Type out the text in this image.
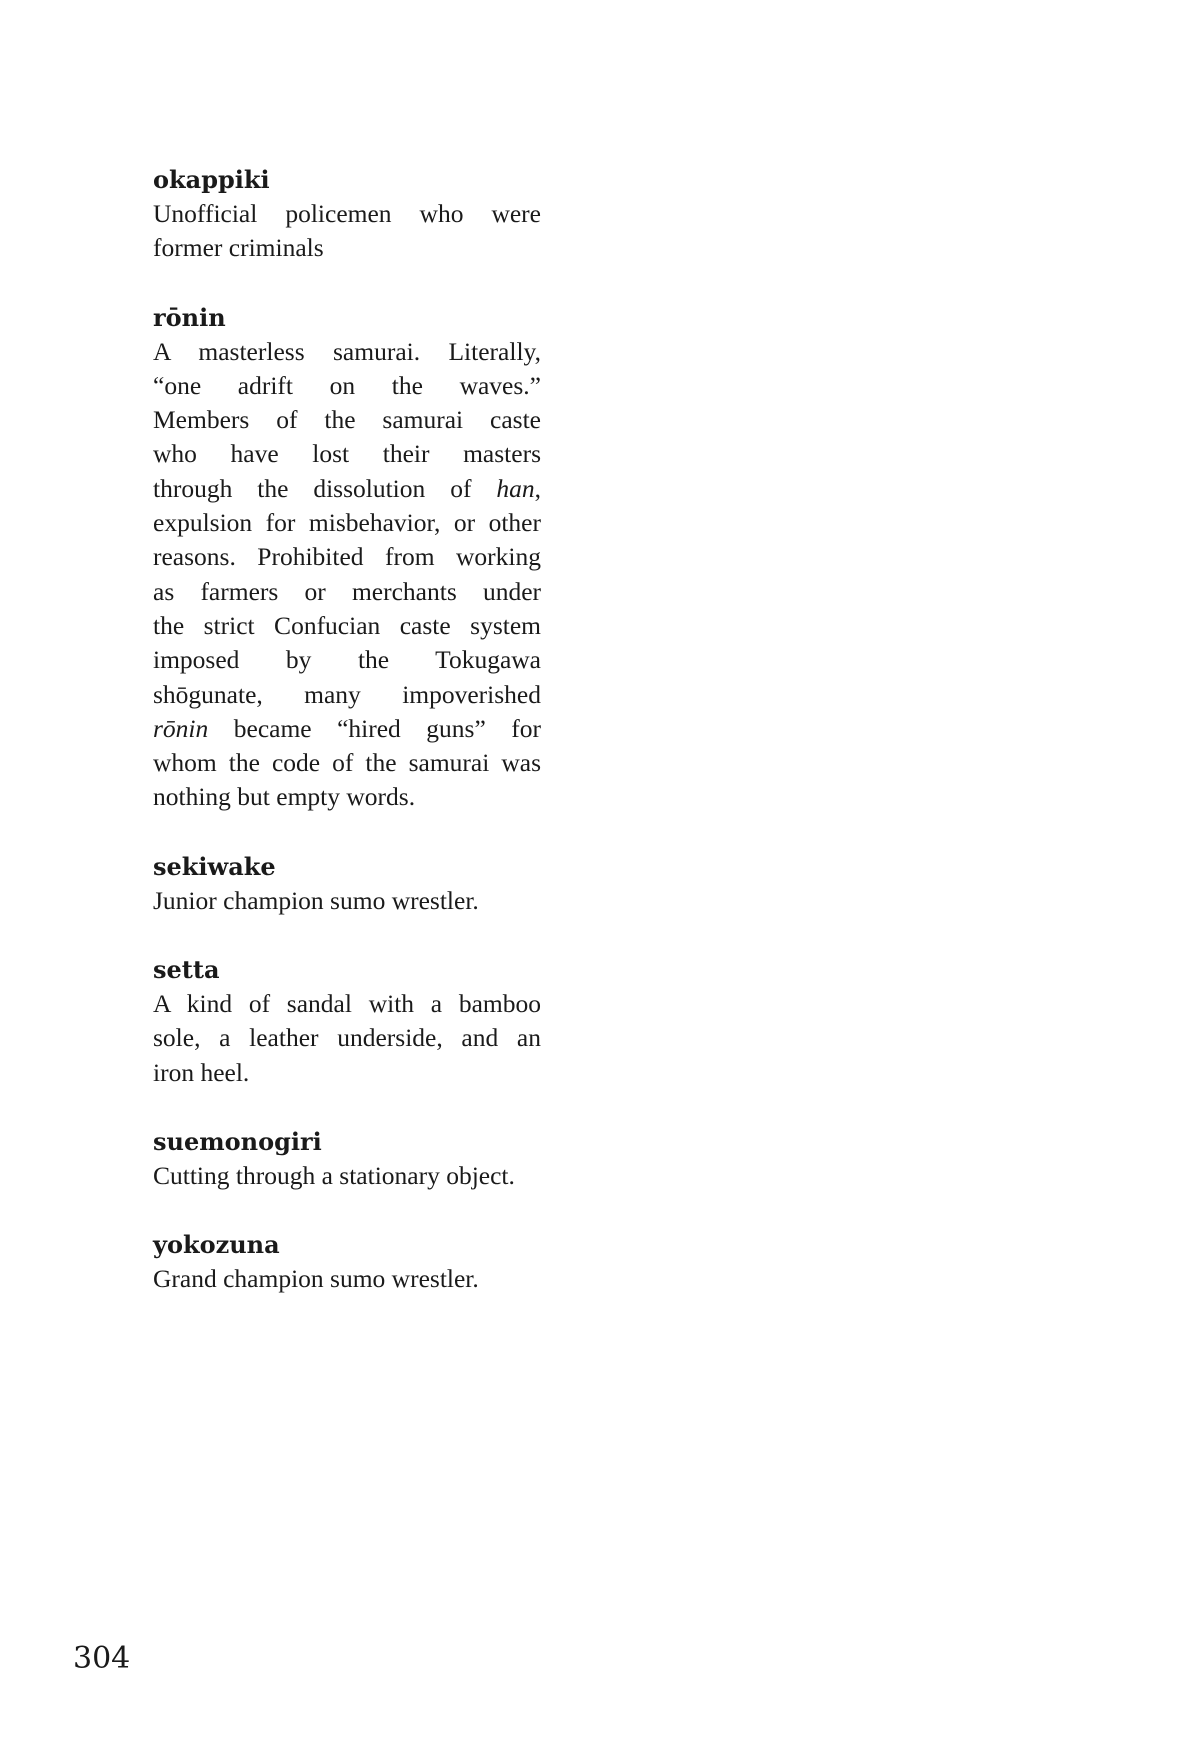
okappiki

Unofficial policemen who were
former criminals

rōnin

A masterless samurai. Literally,
“one adrift on the waves.”
Members of the samurai caste
who have lost their masters
through the dissolution of han,
expulsion for misbehavior, or other
reasons. Prohibited from working
as farmers or merchants under
the strict Confucian caste system
imposed by the Tokugawa
shōgunate, many impoverished
rōnin became “hired guns” for
whom the code of the samurai was
nothing but empty words.

sekiwake

Junior champion sumo wrestler.

setta

A kind of sandal with a bamboo
sole, a leather underside, and an
iron heel.

suemonogiri

Cutting through a stationary object.

yokozuna

Grand champion sumo wrestler.

304
